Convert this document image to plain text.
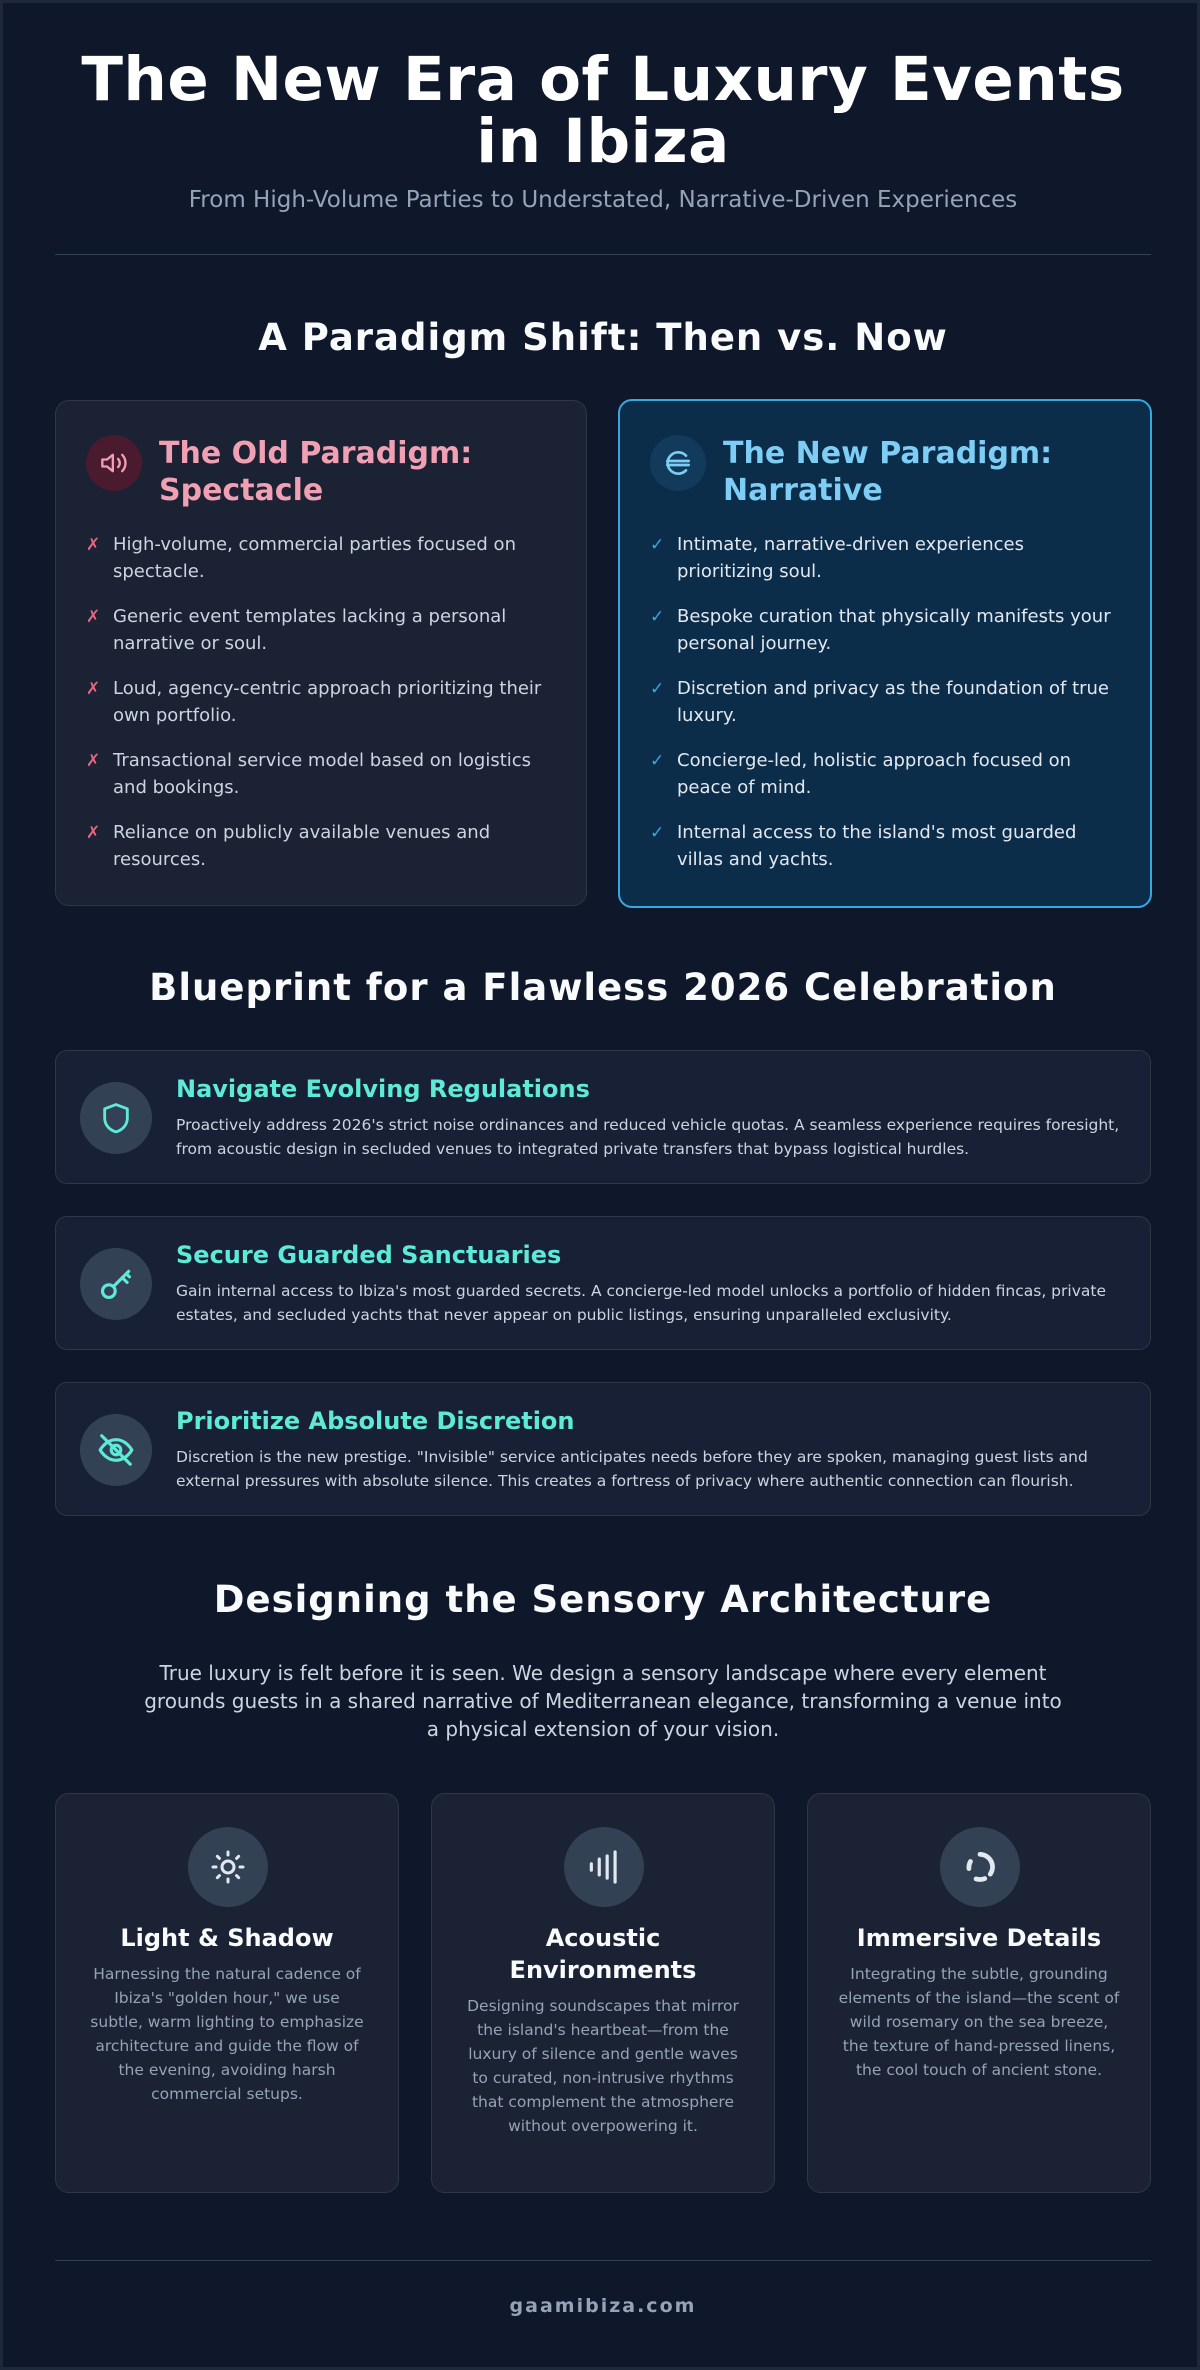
The New Era of Luxury Events in Ibiza
From High-Volume Parties to Understated, Narrative-Driven Experiences
A Paradigm Shift: Then vs. Now
The Old Paradigm: Spectacle
✗ High-volume, commercial parties focused on spectacle.
✗ Generic event templates lacking a personal narrative or soul.
✗ Loud, agency-centric approach prioritizing their own portfolio.
✗ Transactional service model based on logistics and bookings.
✗ Reliance on publicly available venues and resources.
The New Paradigm: Narrative
✓ Intimate, narrative-driven experiences prioritizing soul.
✓ Bespoke curation that physically manifests your personal journey.
✓ Discretion and privacy as the foundation of true luxury.
✓ Concierge-led, holistic approach focused on peace of mind.
✓ Internal access to the island's most guarded villas and yachts.
Blueprint for a Flawless 2026 Celebration
Navigate Evolving Regulations
Proactively address 2026's strict noise ordinances and reduced vehicle quotas. A seamless experience requires foresight, from acoustic design in secluded venues to integrated private transfers that bypass logistical hurdles.
Secure Guarded Sanctuaries
Gain internal access to Ibiza's most guarded secrets. A concierge-led model unlocks a portfolio of hidden fincas, private estates, and secluded yachts that never appear on public listings, ensuring unparalleled exclusivity.
Prioritize Absolute Discretion
Discretion is the new prestige. "Invisible" service anticipates needs before they are spoken, managing guest lists and external pressures with absolute silence. This creates a fortress of privacy where authentic connection can flourish.
Designing the Sensory Architecture
True luxury is felt before it is seen. We design a sensory landscape where every element grounds guests in a shared narrative of Mediterranean elegance, transforming a venue into a physical extension of your vision.
Light & Shadow
Harnessing the natural cadence of Ibiza's "golden hour," we use subtle, warm lighting to emphasize architecture and guide the flow of the evening, avoiding harsh commercial setups.
Acoustic Environments
Designing soundscapes that mirror the island's heartbeat—from the luxury of silence and gentle waves to curated, non-intrusive rhythms that complement the atmosphere without overpowering it.
Immersive Details
Integrating the subtle, grounding elements of the island—the scent of wild rosemary on the sea breeze, the texture of hand-pressed linens, the cool touch of ancient stone.
gaamibiza.com
